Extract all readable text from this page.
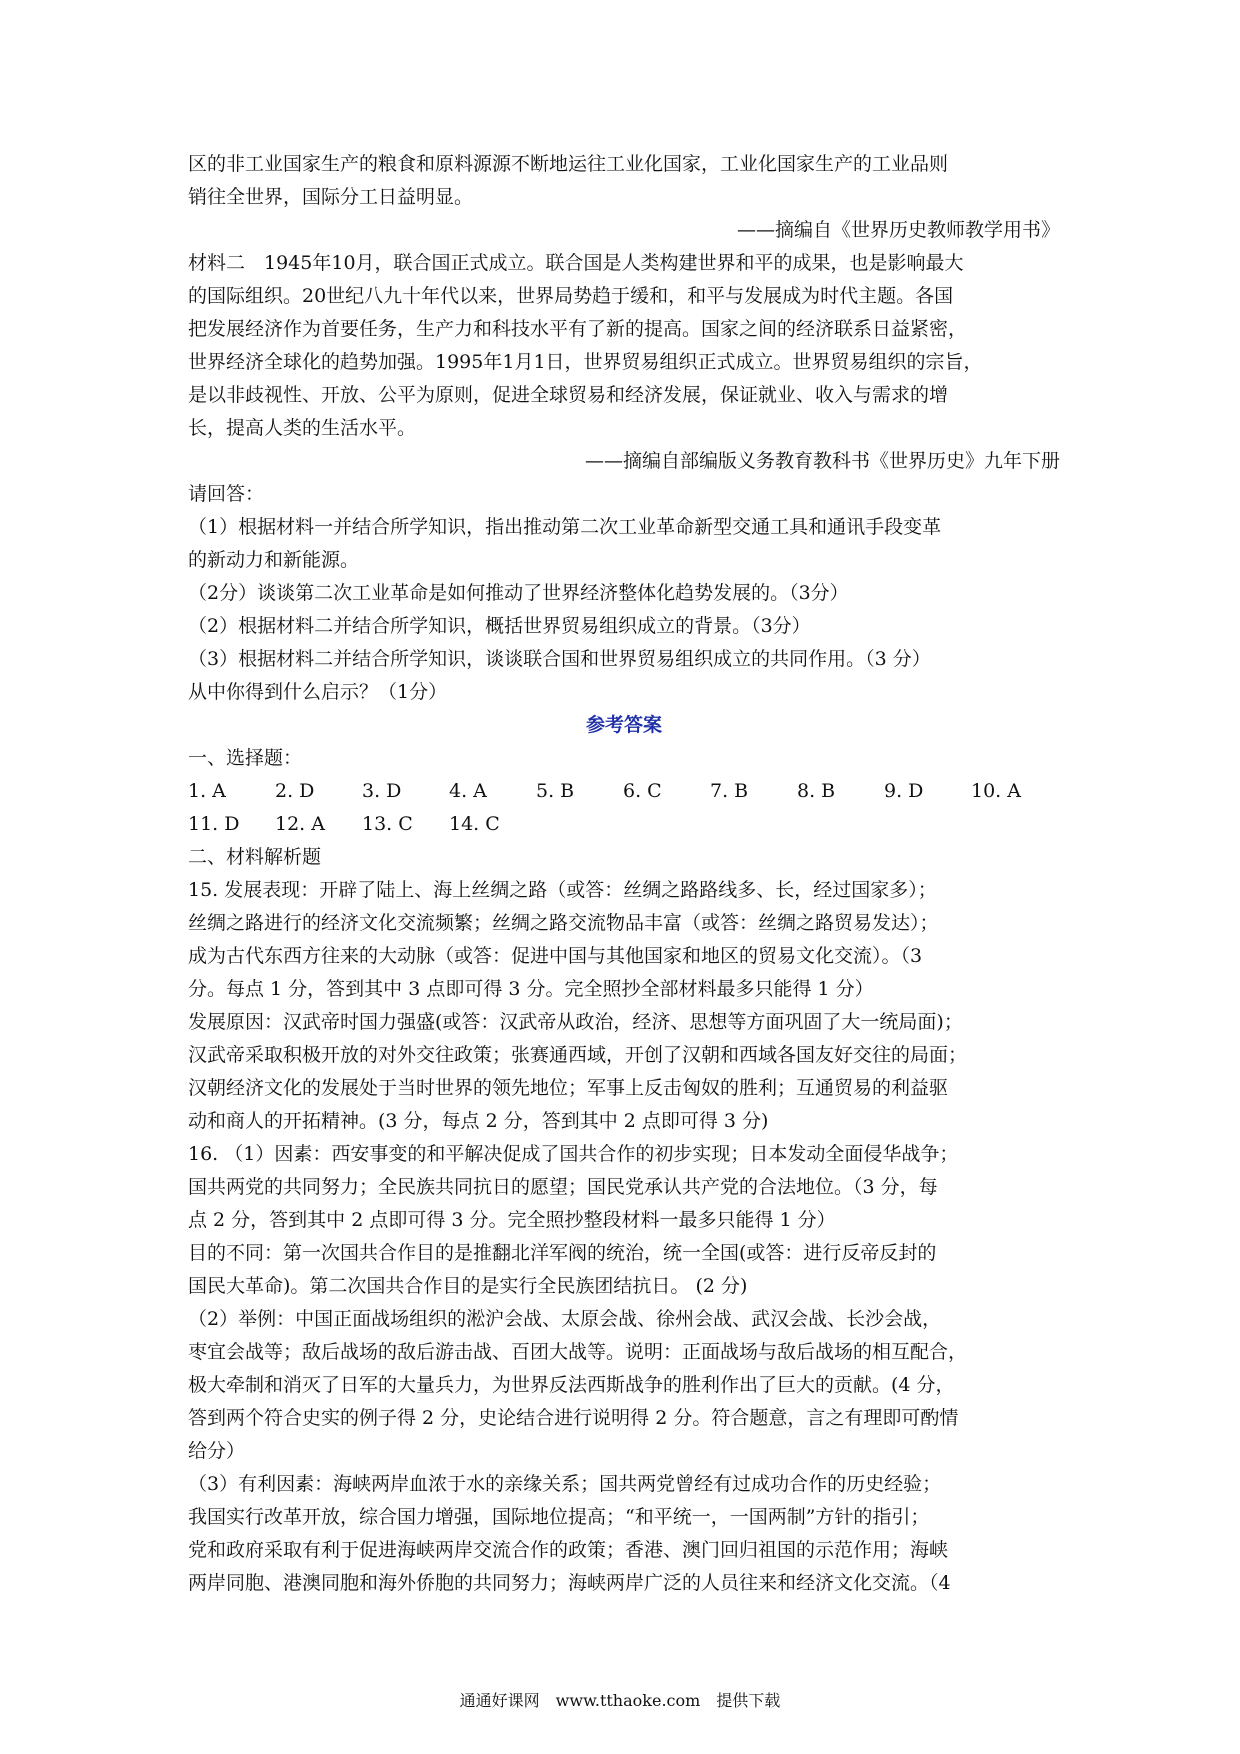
区的非工业国家生产的粮食和原料源源不断地运往工业化国家，工业化国家生产的工业品则
销往全世界，国际分工日益明显。
——摘编自《世界历史教师教学用书》
材料二　1945年10月，联合国正式成立。联合国是人类构建世界和平的成果，也是影响最大
的国际组织。20世纪八九十年代以来，世界局势趋于缓和，和平与发展成为时代主题。各国
把发展经济作为首要任务，生产力和科技水平有了新的提高。国家之间的经济联系日益紧密，
世界经济全球化的趋势加强。1995年1月1日，世界贸易组织正式成立。世界贸易组织的宗旨，
是以非歧视性、开放、公平为原则，促进全球贸易和经济发展，保证就业、收入与需求的增
长，提高人类的生活水平。
——摘编自部编版义务教育教科书《世界历史》九年下册
请回答：
（1）根据材料一并结合所学知识，指出推动第二次工业革命新型交通工具和通讯手段变革
的新动力和新能源。
（2分）谈谈第二次工业革命是如何推动了世界经济整体化趋势发展的。（3分）
（2）根据材料二并结合所学知识，概括世界贸易组织成立的背景。（3分）
（3）根据材料二并结合所学知识，谈谈联合国和世界贸易组织成立的共同作用。（3 分）
从中你得到什么启示？（1分）
参考答案
一、选择题：
1. A	2. D	3. D	4. A	5. B	6. C	7. B	8. B	9. D	10. A
11. D	12. A	13. C	14. C
二、材料解析题
15. 发展表现：开辟了陆上、海上丝绸之路（或答：丝绸之路路线多、长，经过国家多）；
丝绸之路进行的经济文化交流频繁；丝绸之路交流物品丰富（或答：丝绸之路贸易发达）；
成为古代东西方往来的大动脉（或答：促进中国与其他国家和地区的贸易文化交流）。（3
分。每点 1 分，答到其中 3 点即可得 3 分。完全照抄全部材料最多只能得 1 分）
发展原因：汉武帝时国力强盛(或答：汉武帝从政治，经济、思想等方面巩固了大一统局面)；
汉武帝采取积极开放的对外交往政策；张赛通西域，开创了汉朝和西域各国友好交往的局面；
汉朝经济文化的发展处于当时世界的领先地位；军事上反击匈奴的胜利；互通贸易的利益驱
动和商人的开拓精神。(3 分，每点 2 分，答到其中 2 点即可得 3 分)
16. （1）因素：西安事变的和平解决促成了国共合作的初步实现；日本发动全面侵华战争；
国共两党的共同努力；全民族共同抗日的愿望；国民党承认共产党的合法地位。（3 分，每
点 2 分，答到其中 2 点即可得 3 分。完全照抄整段材料一最多只能得 1 分）
目的不同：第一次国共合作目的是推翻北洋军阀的统治，统一全国(或答：进行反帝反封的
国民大革命)。第二次国共合作目的是实行全民族团结抗日。 (2 分)
（2）举例：中国正面战场组织的淞沪会战、太原会战、徐州会战、武汉会战、长沙会战，
枣宜会战等；敌后战场的敌后游击战、百团大战等。说明：正面战场与敌后战场的相互配合，
极大牵制和消灭了日军的大量兵力，为世界反法西斯战争的胜利作出了巨大的贡献。(4 分，
答到两个符合史实的例子得 2 分，史论结合进行说明得 2 分。符合题意，言之有理即可酌情
给分）
（3）有利因素：海峡两岸血浓于水的亲缘关系；国共两党曾经有过成功合作的历史经验；
我国实行改革开放，综合国力增强，国际地位提高；“和平统一，一国两制”方针的指引；
党和政府采取有利于促进海峡两岸交流合作的政策；香港、澳门回归祖国的示范作用；海峡
两岸同胞、港澳同胞和海外侨胞的共同努力；海峡两岸广泛的人员往来和经济文化交流。（4
通通好课网　www.tthaoke.com　提供下载
